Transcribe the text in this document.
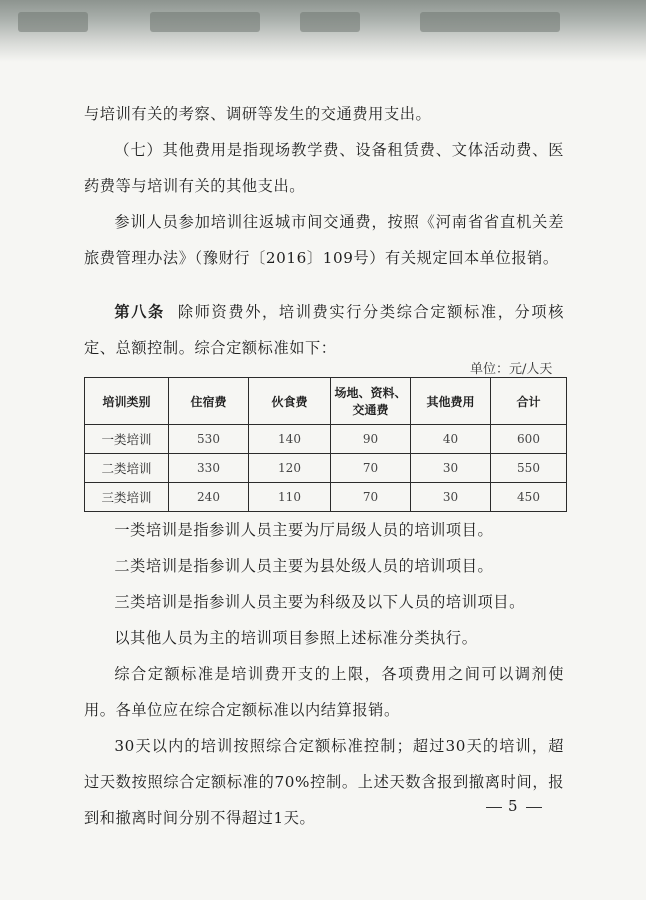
与培训有关的考察、调研等发生的交通费用支出。

（七）其他费用是指现场教学费、设备租赁费、文体活动费、医药费等与培训有关的其他支出。

参训人员参加培训往返城市间交通费，按照《河南省省直机关差旅费管理办法》（豫财行〔2016〕109号）有关规定回本单位报销。

第八条 除师资费外，培训费实行分类综合定额标准，分项核定、总额控制。综合定额标准如下：

单位：元/人天
培训类别	住宿费	伙食费	场地、资料、交通费	其他费用	合计
一类培训	530	140	90	40	600
二类培训	330	120	70	30	550
三类培训	240	110	70	30	450

一类培训是指参训人员主要为厅局级人员的培训项目。

二类培训是指参训人员主要为县处级人员的培训项目。

三类培训是指参训人员主要为科级及以下人员的培训项目。

以其他人员为主的培训项目参照上述标准分类执行。

综合定额标准是培训费开支的上限，各项费用之间可以调剂使用。各单位应在综合定额标准以内结算报销。

30天以内的培训按照综合定额标准控制；超过30天的培训，超过天数按照综合定额标准的70%控制。上述天数含报到撤离时间，报到和撤离时间分别不得超过1天。

5
